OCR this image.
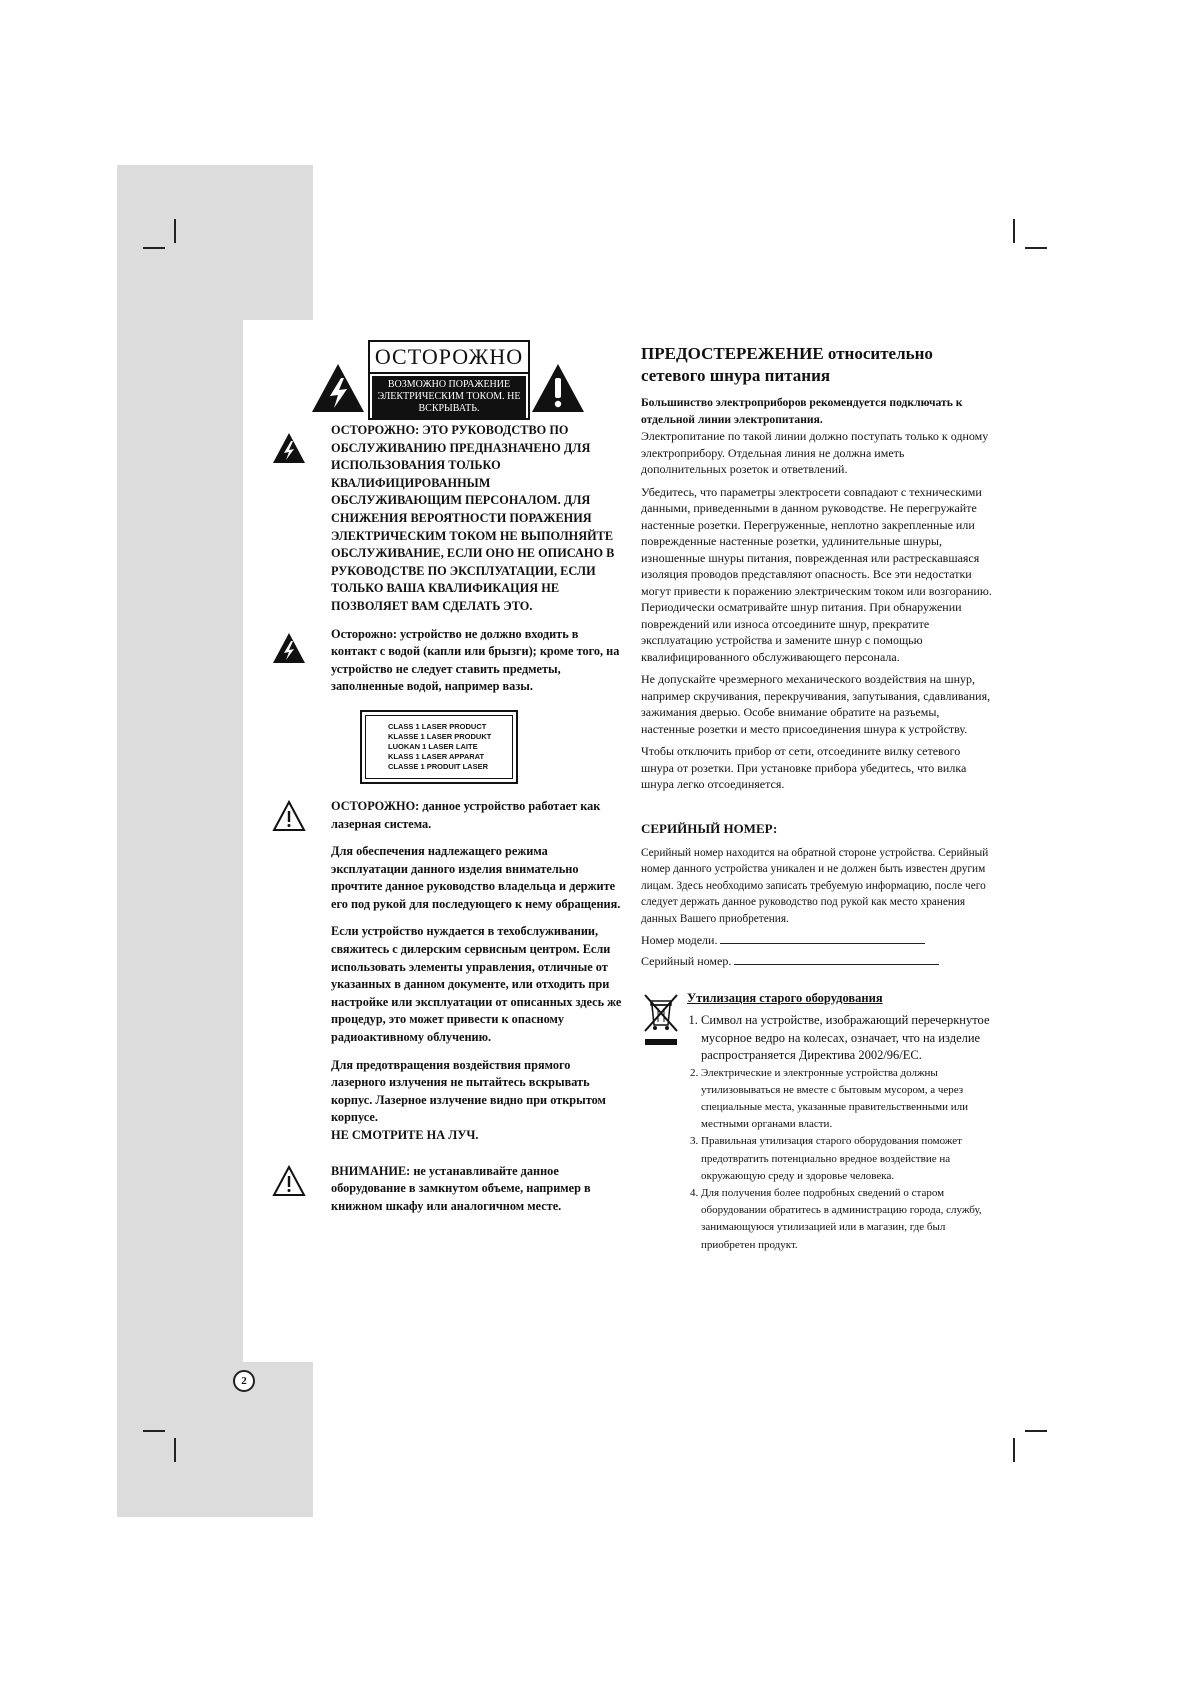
ОСТОРОЖНО
ВОЗМОЖНО ПОРАЖЕНИЕ ЭЛЕКТРИЧЕСКИМ ТОКОМ. НЕ ВСКРЫВАТЬ.

ОСТОРОЖНО: ЭТО РУКОВОДСТВО ПО ОБСЛУЖИВАНИЮ ПРЕДНАЗНАЧЕНО ДЛЯ ИСПОЛЬЗОВАНИЯ ТОЛЬКО КВАЛИФИЦИРОВАННЫМ ОБСЛУЖИВАЮЩИМ ПЕРСОНАЛОМ. ДЛЯ СНИЖЕНИЯ ВЕРОЯТНОСТИ ПОРАЖЕНИЯ ЭЛЕКТРИЧЕСКИМ ТОКОМ НЕ ВЫПОЛНЯЙТЕ ОБСЛУЖИВАНИЕ, ЕСЛИ ОНО НЕ ОПИСАНО В РУКОВОДСТВЕ ПО ЭКСПЛУАТАЦИИ, ЕСЛИ ТОЛЬКО ВАША КВАЛИФИКАЦИЯ НЕ ПОЗВОЛЯЕТ ВАМ СДЕЛАТЬ ЭТО.

Осторожно: устройство не должно входить в контакт с водой (капли или брызги); кроме того, на устройство не следует ставить предметы, заполненные водой, например вазы.

CLASS 1 LASER PRODUCT
KLASSE 1 LASER PRODUKT
LUOKAN 1 LASER LAITE
KLASS 1 LASER APPARAT
CLASSE 1 PRODUIT LASER

ОСТОРОЖНО: данное устройство работает как лазерная система.

Для обеспечения надлежащего режима эксплуатации данного изделия внимательно прочтите данное руководство владельца и держите его под рукой для последующего к нему обращения.

Если устройство нуждается в техобслуживании, свяжитесь с дилерским сервисным центром. Если использовать элементы управления, отличные от указанных в данном документе, или отходить при настройке или эксплуатации от описанных здесь же процедур, это может привести к опасному радиоактивному облучению.

Для предотвращения воздействия прямого лазерного излучения не пытайтесь вскрывать корпус. Лазерное излучение видно при открытом корпусе.
НЕ СМОТРИТЕ НА ЛУЧ.

ВНИМАНИЕ: не устанавливайте данное оборудование в замкнутом объеме, например в книжном шкафу или аналогичном месте.

ПРЕДОСТЕРЕЖЕНИЕ относительно сетевого шнура питания

Большинство электроприборов рекомендуется подключать к отдельной линии электропитания.

Электропитание по такой линии должно поступать только к одному электроприбору. Отдельная линия не должна иметь дополнительных розеток и ответвлений.

Убедитесь, что параметры электросети совпадают с техническими данными, приведенными в данном руководстве. Не перегружайте настенные розетки. Перегруженные, неплотно закрепленные или поврежденные настенные розетки, удлинительные шнуры, изношенные шнуры питания, поврежденная или растрескавшаяся изоляция проводов представляют опасность. Все эти недостатки могут привести к поражению электрическим током или возгоранию. Периодически осматривайте шнур питания. При обнаружении повреждений или износа отсоедините шнур, прекратите эксплуатацию устройства и замените шнур с помощью квалифицированного обслуживающего персонала.

Не допускайте чрезмерного механического воздействия на шнур, например скручивания, перекручивания, запутывания, сдавливания, зажимания дверью. Особе внимание обратите на разъемы, настенные розетки и место присоединения шнура к устройству.

Чтобы отключить прибор от сети, отсоедините вилку сетевого шнура от розетки. При установке прибора убедитесь, что вилка шнура легко отсоединяется.

СЕРИЙНЫЙ НОМЕР:

Серийный номер находится на обратной стороне устройства. Серийный номер данного устройства уникален и не должен быть известен другим лицам. Здесь необходимо записать требуемую информацию, после чего следует держать данное руководство под рукой как место хранения данных Вашего приобретения.

Номер модели.
Серийный номер.
Утилизация старого оборудования
1. Символ на устройстве, изображающий перечеркнутое мусорное ведро на колесах, означает, что на изделие распространяется Директива 2002/96/EC.
2. Электрические и электронные устройства должны утилизовываться не вместе с бытовым мусором, а через специальные места, указанные правительственными или местными органами власти.
3. Правильная утилизация старого оборудования поможет предотвратить потенциально вредное воздействие на окружающую среду и здоровье человека.
4. Для получения более подробных сведений о старом оборудовании обратитесь в администрацию города, службу, занимающуюся утилизацией или в магазин, где был приобретен продукт.
2
